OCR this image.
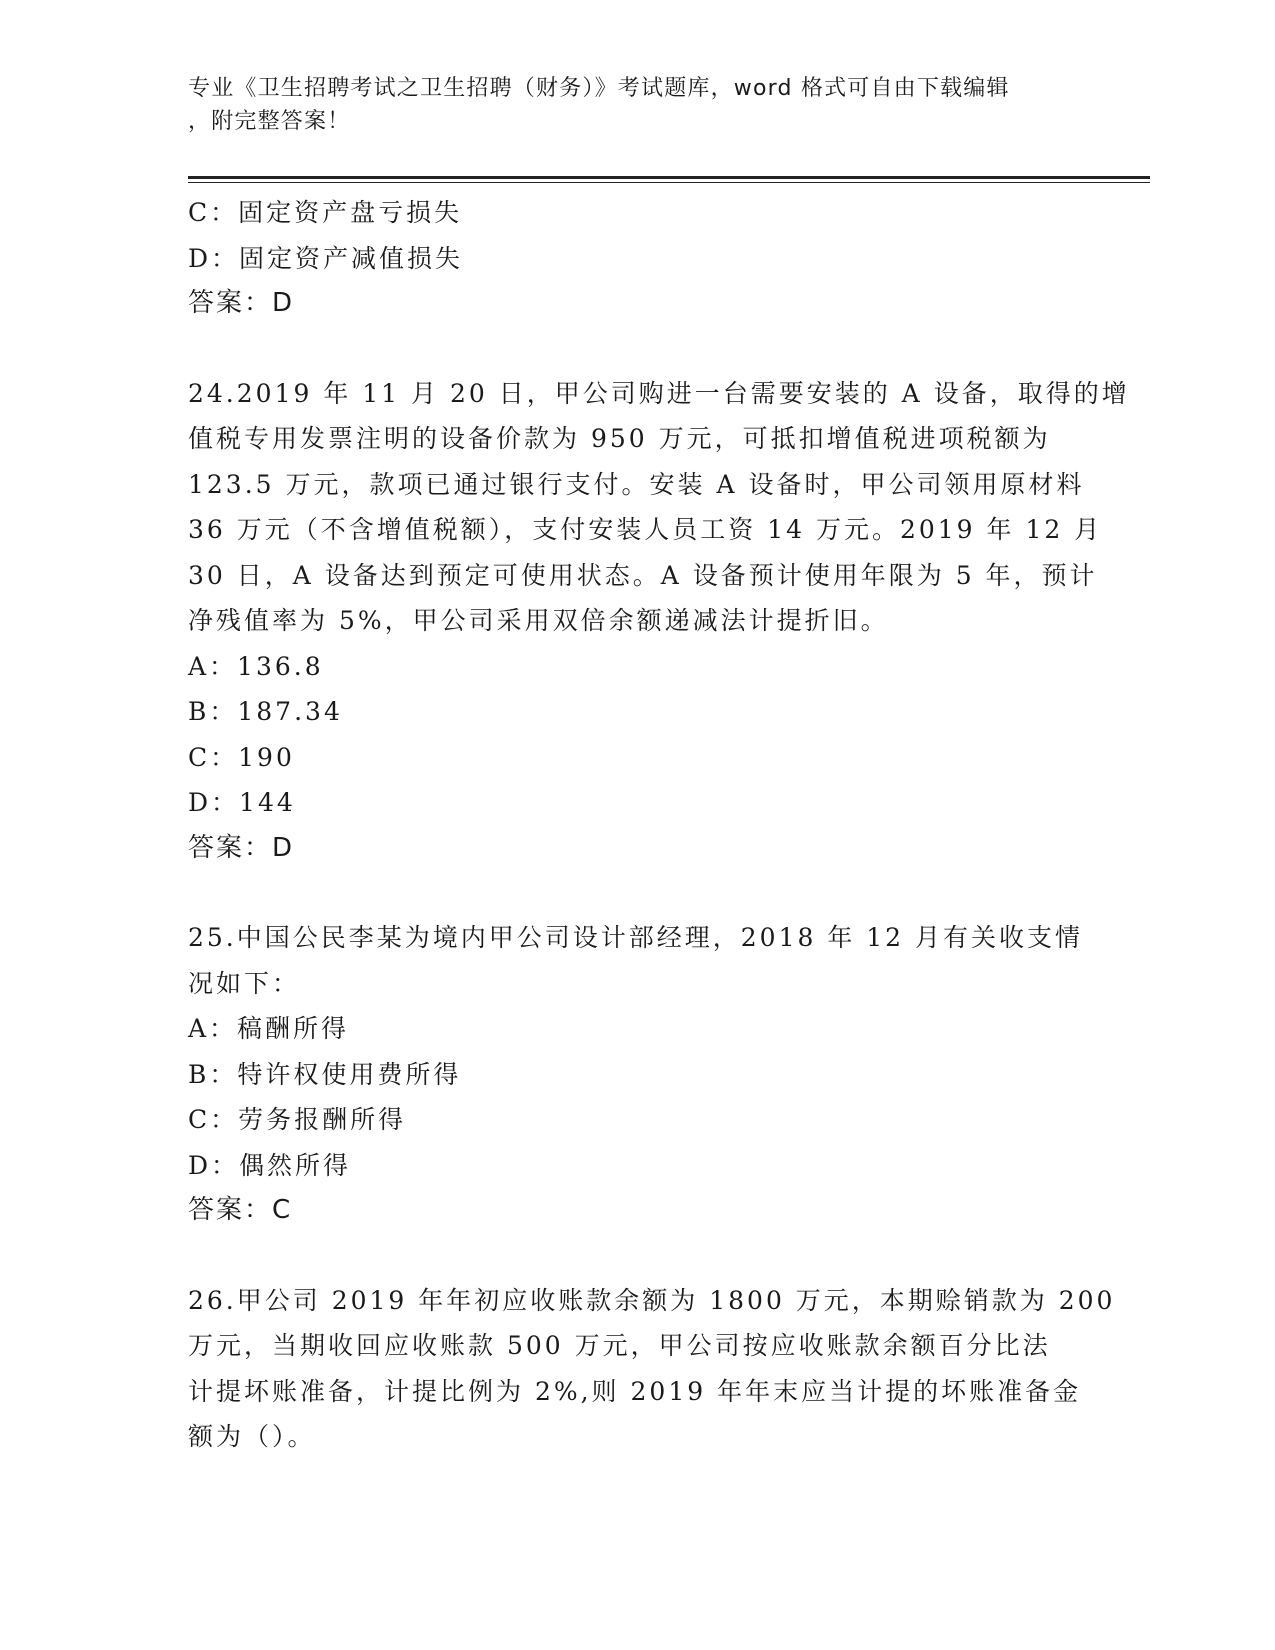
专业《卫生招聘考试之卫生招聘（财务）》考试题库，word 格式可自由下载编辑
，附完整答案！
C：固定资产盘亏损失
D：固定资产减值损失
答案：D
24.2019 年 11 月 20 日，甲公司购进一台需要安装的 A 设备，取得的增
值税专用发票注明的设备价款为 950 万元，可抵扣增值税进项税额为
123.5 万元，款项已通过银行支付。安装 A 设备时，甲公司领用原材料
36 万元（不含增值税额），支付安装人员工资 14 万元。2019 年 12 月
30 日，A 设备达到预定可使用状态。A 设备预计使用年限为 5 年，预计
净残值率为 5%，甲公司采用双倍余额递减法计提折旧。
A：136.8
B：187.34
C：190
D：144
答案：D
25.中国公民李某为境内甲公司设计部经理，2018 年 12 月有关收支情
况如下：
A：稿酬所得
B：特许权使用费所得
C：劳务报酬所得
D：偶然所得
答案：C
26.甲公司 2019 年年初应收账款余额为 1800 万元，本期赊销款为 200
万元，当期收回应收账款 500 万元，甲公司按应收账款余额百分比法
计提坏账准备，计提比例为 2%,则 2019 年年末应当计提的坏账准备金
额为（）。
